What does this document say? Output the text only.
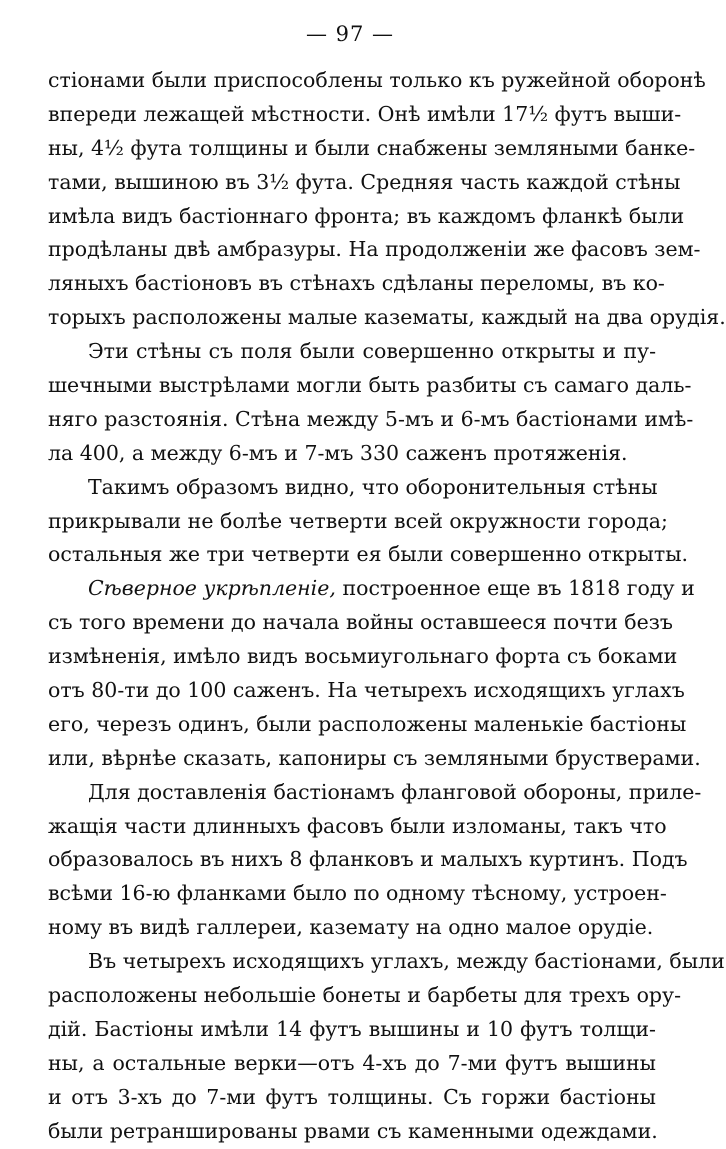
— 97 —
стіонами были приспособлены только къ ружейной оборонѣ
впереди лежащей мѣстности. Онѣ имѣли 17½ футъ выши-
ны, 4½ фута толщины и были снабжены земляными банке-
тами, вышиною въ 3½ фута. Средняя часть каждой стѣны
имѣла видъ бастіоннаго фронта; въ каждомъ фланкѣ были
продѣланы двѣ амбразуры. На продолженіи же фасовъ зем-
ляныхъ бастіоновъ въ стѣнахъ сдѣланы переломы, въ ко-
торыхъ расположены малые казематы, каждый на два орудія.
Эти стѣны съ поля были совершенно открыты и пу-
шечными выстрѣлами могли быть разбиты съ самаго даль-
няго разстоянія. Стѣна между 5-мъ и 6-мъ бастіонами имѣ-
ла 400, а между 6-мъ и 7-мъ 330 саженъ протяженія.
Такимъ образомъ видно, что оборонительныя стѣны
прикрывали не болѣе четверти всей окружности города;
остальныя же три четверти ея были совершенно открыты.
Сѣверное укрѣпленіе, построенное еще въ 1818 году и
съ того времени до начала войны оставшееся почти безъ
измѣненія, имѣло видъ восьмиугольнаго форта съ боками
отъ 80-ти до 100 саженъ. На четырехъ исходящихъ углахъ
его, черезъ одинъ, были расположены маленькіе бастіоны
или, вѣрнѣе сказать, капониры съ земляными брустверами.
Для доставленія бастіонамъ фланговой обороны, приле-
жащія части длинныхъ фасовъ были изломаны, такъ что
образовалось въ нихъ 8 фланковъ и малыхъ куртинъ. Подъ
всѣми 16-ю фланками было по одному тѣсному, устроен-
ному въ видѣ галлереи, каземату на одно малое орудіе.
Въ четырехъ исходящихъ углахъ, между бастіонами, были
расположены небольшіе бонеты и барбеты для трехъ ору-
дій. Бастіоны имѣли 14 футъ вышины и 10 футъ толщи-
ны, а остальные верки—отъ 4-хъ до 7-ми футъ вышины
и отъ 3-хъ до 7-ми футъ толщины. Съ горжи бастіоны
были ретраншированы рвами съ каменными одеждами.
